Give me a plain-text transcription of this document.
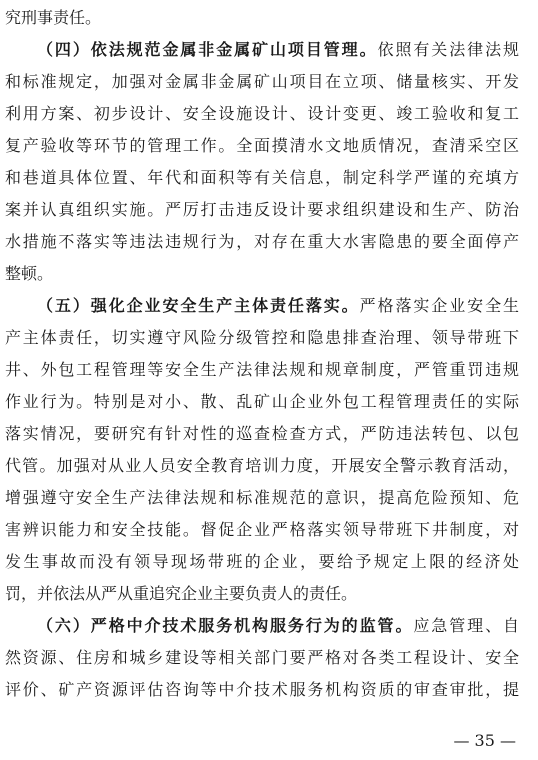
究刑事责任。
（四）依法规范金属非金属矿山项目管理。依照有关法律法规
和标准规定，加强对金属非金属矿山项目在立项、储量核实、开发
利用方案、初步设计、安全设施设计、设计变更、竣工验收和复工
复产验收等环节的管理工作。全面摸清水文地质情况，查清采空区
和巷道具体位置、年代和面积等有关信息，制定科学严谨的充填方
案并认真组织实施。严厉打击违反设计要求组织建设和生产、防治
水措施不落实等违法违规行为，对存在重大水害隐患的要全面停产
整顿。
（五）强化企业安全生产主体责任落实。严格落实企业安全生
产主体责任，切实遵守风险分级管控和隐患排查治理、领导带班下
井、外包工程管理等安全生产法律法规和规章制度，严管重罚违规
作业行为。特别是对小、散、乱矿山企业外包工程管理责任的实际
落实情况，要研究有针对性的巡查检查方式，严防违法转包、以包
代管。加强对从业人员安全教育培训力度，开展安全警示教育活动，
增强遵守安全生产法律法规和标准规范的意识，提高危险预知、危
害辨识能力和安全技能。督促企业严格落实领导带班下井制度，对
发生事故而没有领导现场带班的企业，要给予规定上限的经济处
罚，并依法从严从重追究企业主要负责人的责任。
（六）严格中介技术服务机构服务行为的监管。应急管理、自
然资源、住房和城乡建设等相关部门要严格对各类工程设计、安全
评价、矿产资源评估咨询等中介技术服务机构资质的审查审批，提
— 35 —
